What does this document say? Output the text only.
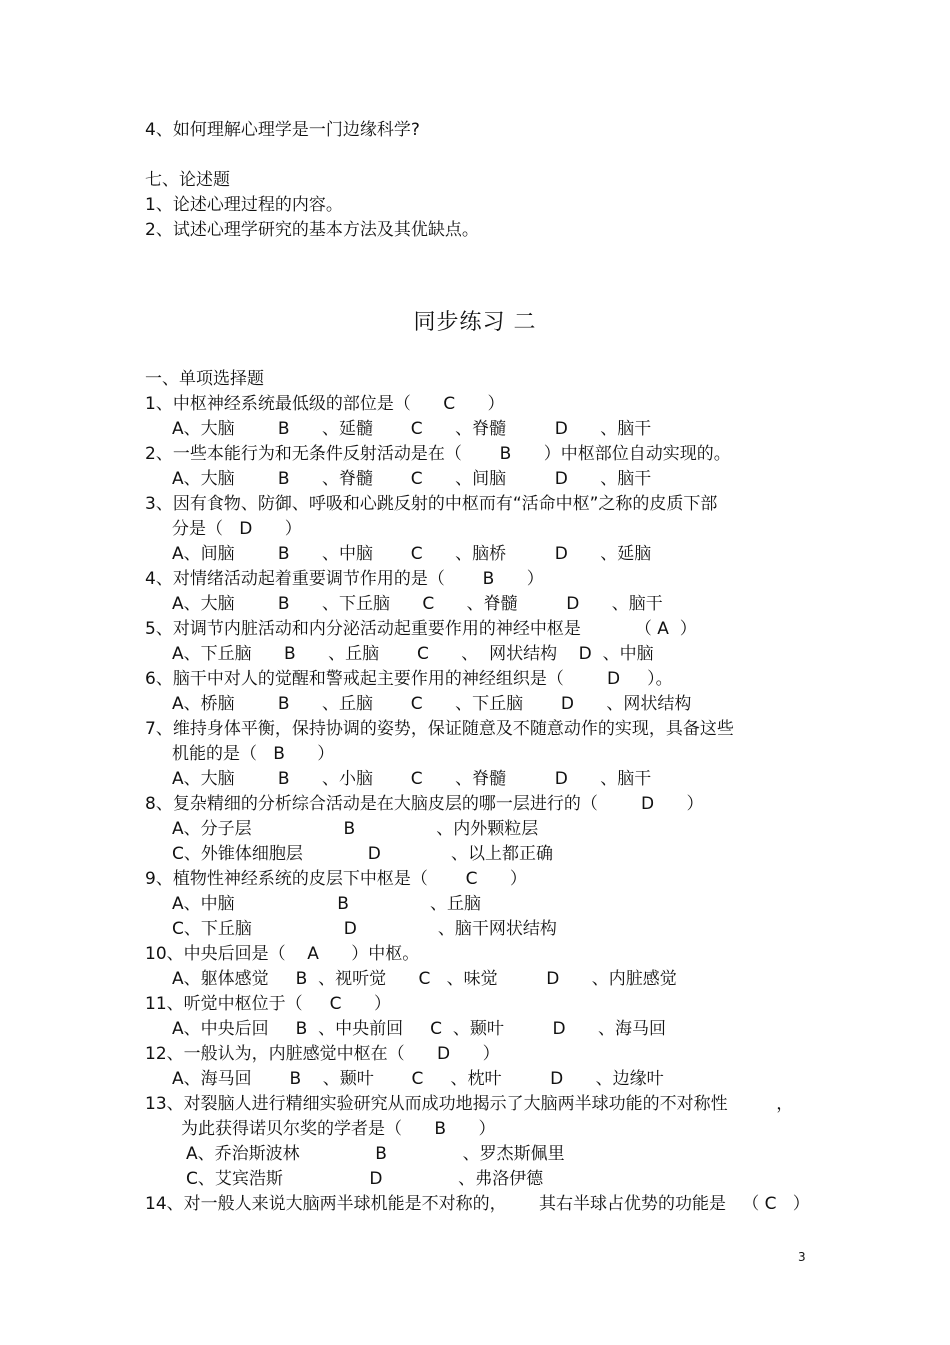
4、如何理解心理学是一门边缘科学?
七、论述题
1、论述心理过程的内容。
2、试述心理学研究的基本方法及其优缺点。
同步练习 二
一、单项选择题
1、中枢神经系统最低级的部位是（      C      ）
A、大脑        B      、延髓       C      、脊髓         D      、脑干
2、一些本能行为和无条件反射活动是在（       B      ）中枢部位自动实现的。
A、大脑        B      、脊髓       C      、间脑         D      、脑干
3、因有食物、防御、呼吸和心跳反射的中枢而有“活命中枢”之称的皮质下部
分是（   D      ）
A、间脑        B      、中脑       C      、脑桥         D      、延脑
4、对情绪活动起着重要调节作用的是（       B      ）
A、大脑        B      、下丘脑      C      、脊髓         D      、脑干
5、对调节内脏活动和内分泌活动起重要作用的神经中枢是          （ A  ）
A、下丘脑      B      、丘脑       C      、  网状结构    D  、中脑
6、脑干中对人的觉醒和警戒起主要作用的神经组织是（        D     ）。
A、桥脑        B      、丘脑       C      、下丘脑       D      、网状结构
7、维持身体平衡，保持协调的姿势，保证随意及不随意动作的实现，具备这些
机能的是（   B      ）
A、大脑        B      、小脑       C      、脊髓         D      、脑干
8、复杂精细的分析综合活动是在大脑皮层的哪一层进行的（        D      ）
A、分子层                 B               、内外颗粒层
C、外锥体细胞层            D             、以上都正确
9、植物性神经系统的皮层下中枢是（       C      ）
A、中脑                   B               、丘脑
C、下丘脑                 D               、脑干网状结构
10、中央后回是（    A      ）中枢。
A、躯体感觉     B  、视听觉      C   、味觉         D      、内脏感觉
11、听觉中枢位于（     C      ）
A、中央后回     B  、中央前回     C  、颞叶         D      、海马回
12、一般认为，内脏感觉中枢在（      D      ）
A、海马回       B    、颞叶       C     、枕叶         D      、边缘叶
13、对裂脑人进行精细实验研究从而成功地揭示了大脑两半球功能的不对称性         ，
为此获得诺贝尔奖的学者是（      B      ）
A、乔治斯波林              B              、罗杰斯佩里
C、艾宾浩斯                D              、弗洛伊德
14、对一般人来说大脑两半球机能是不对称的，      其右半球占优势的功能是   （ C   ）
3
